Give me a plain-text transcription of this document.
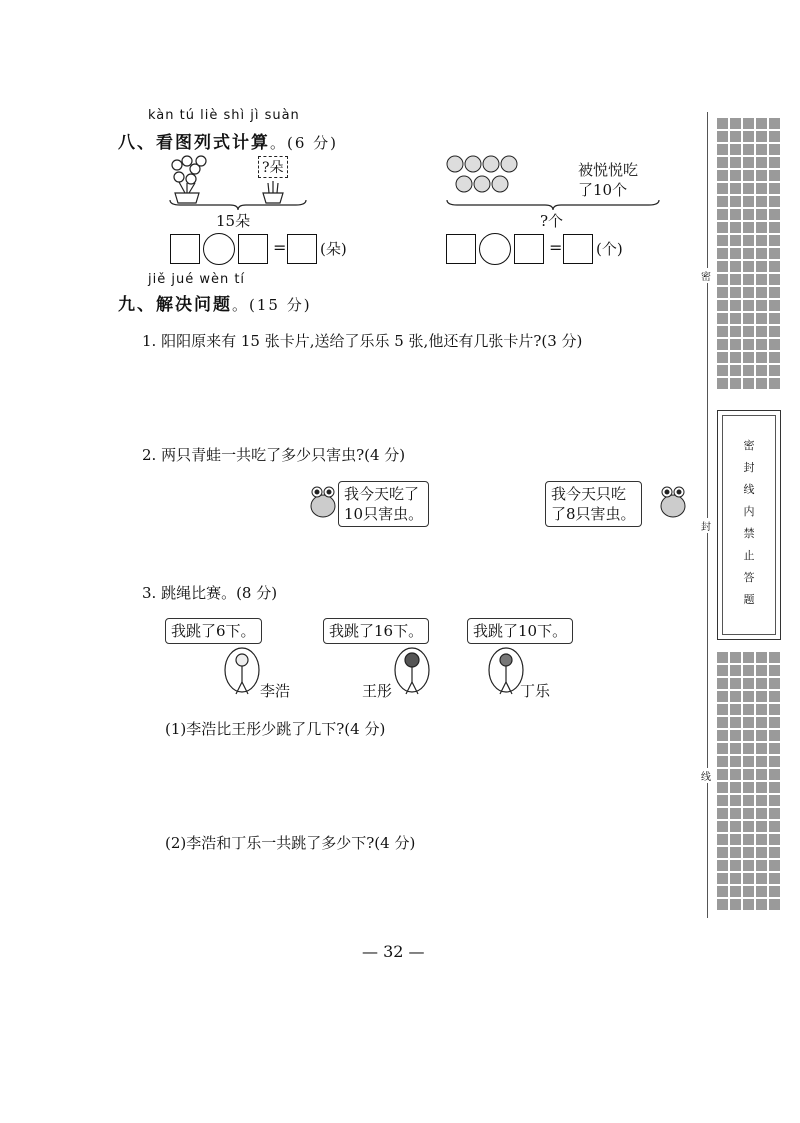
kàn tú liè shì jì suàn
八、看图列式计算。(6 分)
?朵
15朵
= (朵)
被悦悦吃
了10个
?个
= (个)
jiě jué wèn tí
九、解决问题。(15 分)
1. 阳阳原来有 15 张卡片,送给了乐乐 5 张,他还有几张卡片?(3 分)
2. 两只青蛙一共吃了多少只害虫?(4 分)
我今天吃了
10只害虫。
我今天只吃
了8只害虫。
3. 跳绳比赛。(8 分)
我跳了6下。
李浩
我跳了16下。
王彤
我跳了10下。
丁乐
(1)李浩比王彤少跳了几下?(4 分)
(2)李浩和丁乐一共跳了多少下?(4 分)
— 32 —
密
密封线内禁止答题
封
线
